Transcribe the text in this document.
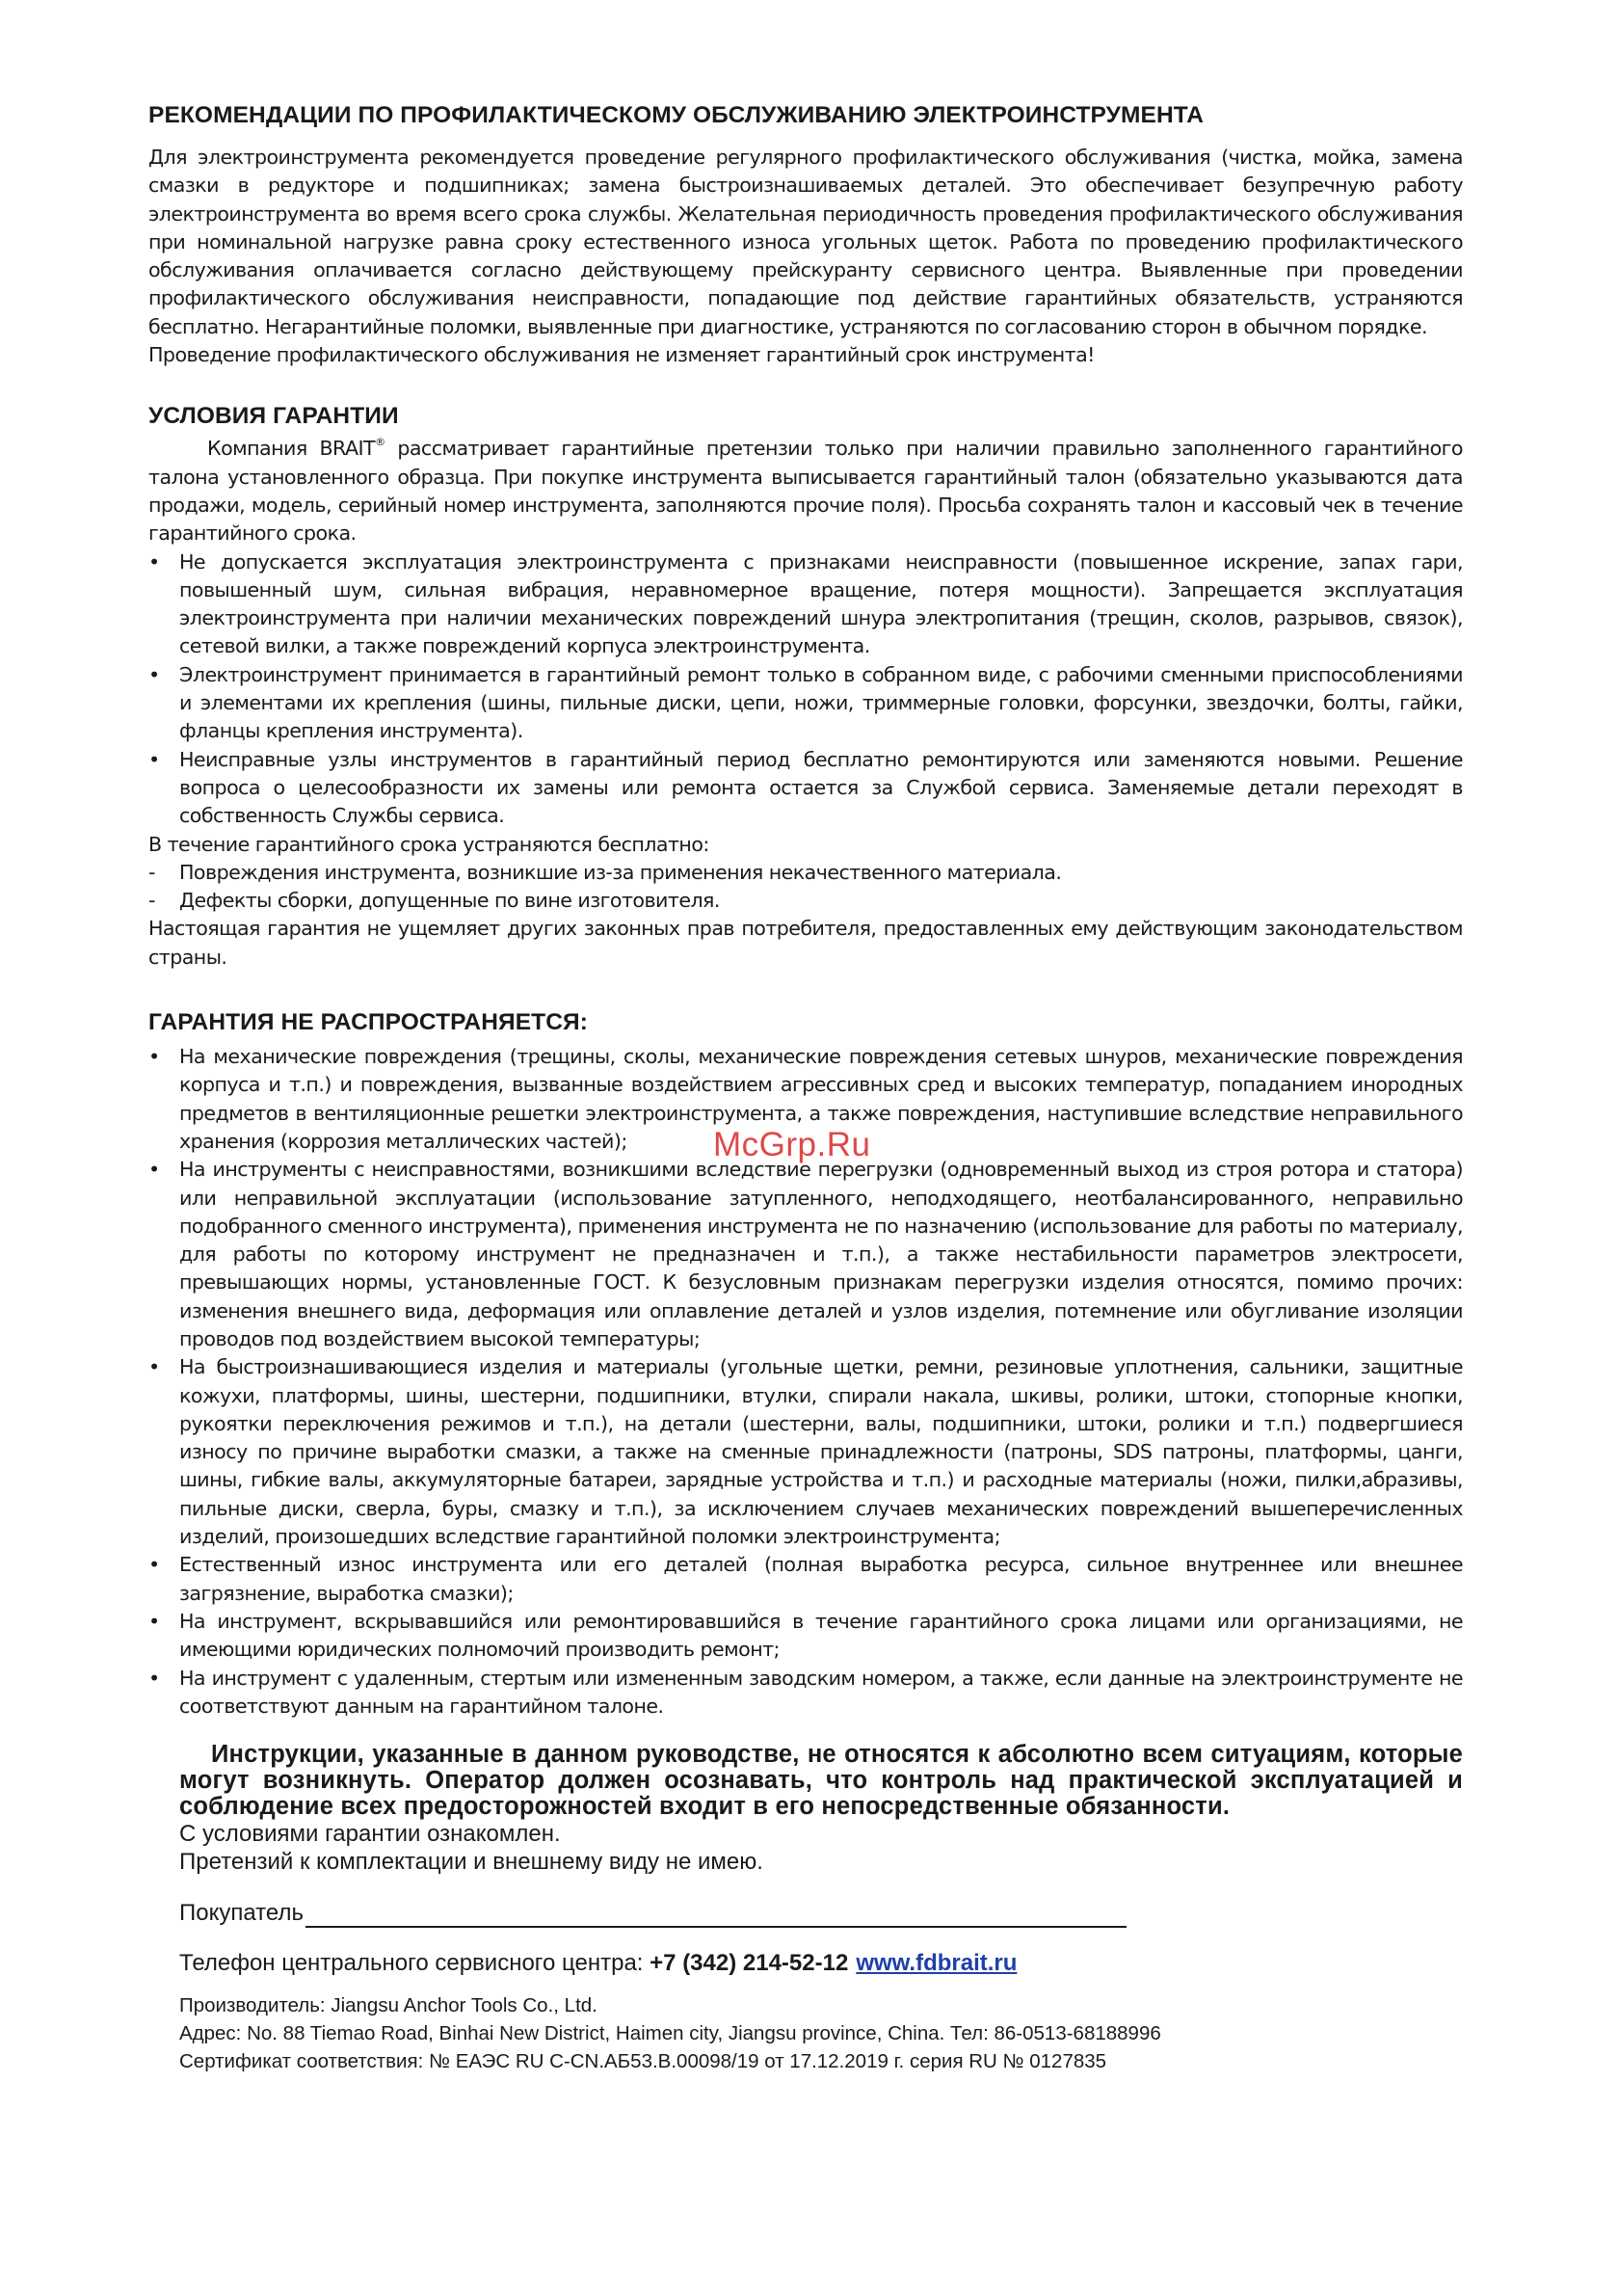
РЕКОМЕНДАЦИИ ПО ПРОФИЛАКТИЧЕСКОМУ ОБСЛУЖИВАНИЮ ЭЛЕКТРОИНСТРУМЕНТА

Для электроинструмента рекомендуется проведение регулярного профилактического обслуживания (чистка, мойка, замена смазки в редукторе и подшипниках; замена быстроизнашиваемых деталей. Это обеспечивает безупречную работу электроинструмента во время всего срока службы. Желательная периодичность проведения профилактического обслуживания при номинальной нагрузке равна сроку естественного износа угольных щеток. Работа по проведению профилактического обслуживания оплачивается согласно действующему прейскуранту сервисного центра. Выявленные при проведении профилактического обслуживания неисправности, попадающие под действие гарантийных обязательств, устраняются бесплатно. Негарантийные поломки, выявленные при диагностике, устраняются по согласованию сторон в обычном порядке.

Проведение профилактического обслуживания не изменяет гарантийный срок инструмента!

УСЛОВИЯ ГАРАНТИИ

Компания BRAIT® рассматривает гарантийные претензии только при наличии правильно заполненного гарантийного талона установленного образца. При покупке инструмента выписывается гарантийный талон (обязательно указываются дата продажи, модель, серийный номер инструмента, заполняются прочие поля). Просьба сохранять талон и кассовый чек в течение гарантийного срока.

• Не допускается эксплуатация электроинструмента с признаками неисправности (повышенное искрение, запах гари, повышенный шум, сильная вибрация, неравномерное вращение, потеря мощности). Запрещается эксплуатация электроинструмента при наличии механических повреждений шнура электропитания (трещин, сколов, разрывов, связок), сетевой вилки, а также повреждений корпуса электроинструмента.
• Электроинструмент принимается в гарантийный ремонт только в собранном виде, с рабочими сменными приспособлениями и элементами их крепления (шины, пильные диски, цепи, ножи, триммерные головки, форсунки, звездочки, болты, гайки, фланцы крепления инструмента).
• Неисправные узлы инструментов в гарантийный период бесплатно ремонтируются или заменяются новыми. Решение вопроса о целесообразности их замены или ремонта остается за Службой сервиса. Заменяемые детали переходят в собственность Службы сервиса.

В течение гарантийного срока устраняются бесплатно:

- Повреждения инструмента, возникшие из-за применения некачественного материала.
- Дефекты сборки, допущенные по вине изготовителя.

Настоящая гарантия не ущемляет других законных прав потребителя, предоставленных ему действующим законодательством страны.

ГАРАНТИЯ НЕ РАСПРОСТРАНЯЕТСЯ:
• На механические повреждения (трещины, сколы, механические повреждения сетевых шнуров, механические повреждения корпуса и т.п.) и повреждения, вызванные воздействием агрессивных сред и высоких температур, попаданием инородных предметов в вентиляционные решетки электроинструмента, а также повреждения, наступившие вследствие неправильного хранения (коррозия металлических частей);
• На инструменты с неисправностями, возникшими вследствие перегрузки (одновременный выход из строя ротора и статора) или неправильной эксплуатации (использование затупленного, неподходящего, неотбалансированного, неправильно подобранного сменного инструмента), применения инструмента не по назначению (использование для работы по материалу, для работы по которому инструмент не предназначен и т.п.), а также нестабильности параметров электросети, превышающих нормы, установленные ГОСТ. К безусловным признакам перегрузки изделия относятся, помимо прочих: изменения внешнего вида, деформация или оплавление деталей и узлов изделия, потемнение или обугливание изоляции проводов под воздействием высокой температуры;
• На быстроизнашивающиеся изделия и материалы (угольные щетки, ремни, резиновые уплотнения, сальники, защитные кожухи, платформы, шины, шестерни, подшипники, втулки, спирали накала, шкивы, ролики, штоки, стопорные кнопки, рукоятки переключения режимов и т.п.), на детали (шестерни, валы, подшипники, штоки, ролики и т.п.) подвергшиеся износу по причине выработки смазки, а также на сменные принадлежности (патроны, SDS патроны, платформы, цанги, шины, гибкие валы, аккумуляторные батареи, зарядные устройства и т.п.) и расходные материалы (ножи, пилки,абразивы, пильные диски, сверла, буры, смазку и т.п.), за исключением случаев механических повреждений вышеперечисленных изделий, произошедших вследствие гарантийной поломки электроинструмента;
• Естественный износ инструмента или его деталей (полная выработка ресурса, сильное внутреннее или внешнее загрязнение, выработка смазки);
• На инструмент, вскрывавшийся или ремонтировавшийся в течение гарантийного срока лицами или организациями, не имеющими юридических полномочий производить ремонт;
• На инструмент с удаленным, стертым или измененным заводским номером, а также, если данные на электроинструменте не соответствуют данным на гарантийном талоне.

Инструкции, указанные в данном руководстве, не относятся к абсолютно всем ситуациям, которые могут возникнуть. Оператор должен осознавать, что контроль над практической эксплуатацией и соблюдение всех предосторожностей входит в его непосредственные обязанности.

С условиями гарантии ознакомлен.
Претензий к комплектации и внешнему виду не имею.
Покупатель
Телефон центрального сервисного центра: +7 (342) 214-52-12 www.fdbrait.ru
Производитель: Jiangsu Anchor Tools Co., Ltd.
Адрес: No. 88 Tiemao Road, Binhai New District, Haimen city, Jiangsu province, China. Тел: 86-0513-68188996
Сертификат соответствия: № ЕАЭС RU C-CN.АБ53.В.00098/19 от 17.12.2019 г. серия RU № 0127835
McGrp.Ru
